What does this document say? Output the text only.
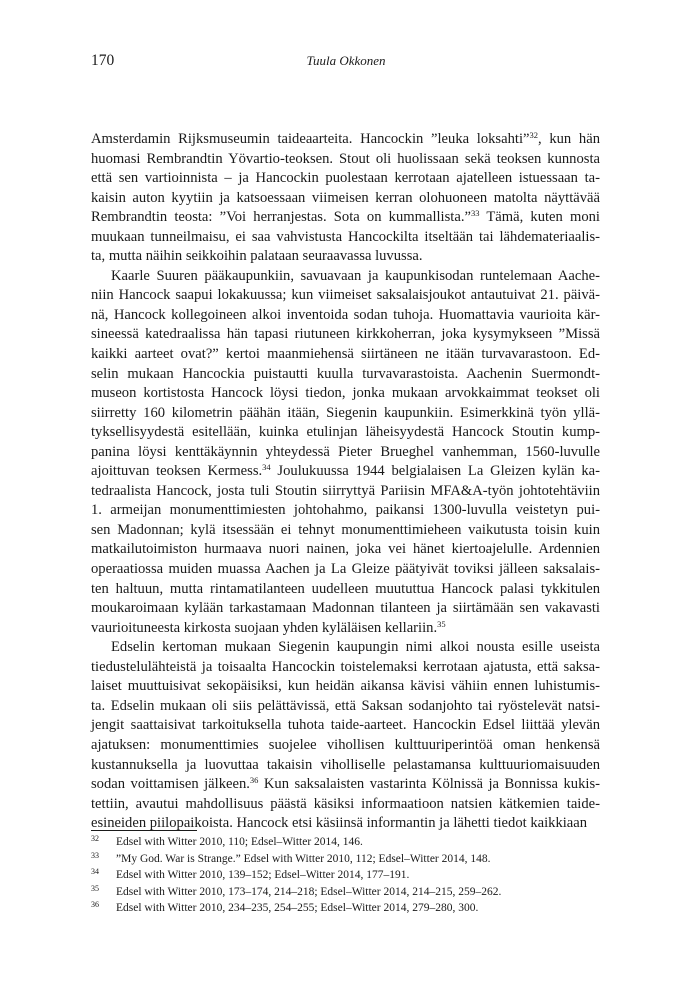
170	Tuula Okkonen
Amsterdamin Rijksmuseumin taideaarteita. Hancockin ”leuka loksahti”$^{32}$, kun hän
huomasi Rembrandtin Yövartio-teoksen. Stout oli huolissaan sekä teoksen kunnosta
että sen vartioinnista – ja Hancockin puolestaan kerrotaan ajatelleen istuessaan ta-
kaisin auton kyytiin ja katsoessaan viimeisen kerran olohuoneen matolta näyttävää
Rembrandtin teosta: ”Voi herranjestas. Sota on kummallista.”$^{33}$ Tämä, kuten moni
muukaan tunneilmaisu, ei saa vahvistusta Hancockilta itseltään tai lähdemateriaalis-
ta, mutta näihin seikkoihin palataan seuraavassa luvussa.
Kaarle Suuren pääkaupunkiin, savuavaan ja kaupunkisodan runtelemaan Aache-
niin Hancock saapui lokakuussa; kun viimeiset saksalaisjoukot antautuivat 21. päivä-
nä, Hancock kollegoineen alkoi inventoida sodan tuhoja. Huomattavia vaurioita kär-
sineessä katedraalissa hän tapasi riutuneen kirkkoherran, joka kysymykseen ”Missä
kaikki aarteet ovat?” kertoi maanmiehensä siirtäneen ne itään turvavarastoon. Ed-
selin mukaan Hancockia puistautti kuulla turvavarastoista. Aachenin Suermondt-
museon kortistosta Hancock löysi tiedon, jonka mukaan arvokkaimmat teokset oli
siirretty 160 kilometrin päähän itään, Siegenin kaupunkiin. Esimerkkinä työn yllä-
tyksellisyydestä esitellään, kuinka etulinjan läheisyydestä Hancock Stoutin kump-
panina löysi kenttäkäynnin yhteydessä Pieter Brueghel vanhemman, 1560-luvulle
ajoittuvan teoksen Kermess.$^{34}$ Joulukuussa 1944 belgialaisen La Gleizen kylän ka-
tedraalista Hancock, josta tuli Stoutin siirryttyä Pariisin MFA&A-työn johtotehtäviin
1. armeijan monumenttimiesten johtohahmo, paikansi 1300-luvulla veistetyn pui-
sen Madonnan; kylä itsessään ei tehnyt monumenttimieheen vaikutusta toisin kuin
matkailutoimiston hurmaava nuori nainen, joka vei hänet kiertoajelulle. Ardennien
operaatiossa muiden muassa Aachen ja La Gleize päätyivät toviksi jälleen saksalais-
ten haltuun, mutta rintamatilanteen uudelleen muututtua Hancock palasi tykkitulen
moukaroimaan kylään tarkastamaan Madonnan tilanteen ja siirtämään sen vakavasti
vaurioituneesta kirkosta suojaan yhden kyläläisen kellariin.$^{35}$
Edselin kertoman mukaan Siegenin kaupungin nimi alkoi nousta esille useista
tiedustelulähteistä ja toisaalta Hancockin toistelemaksi kerrotaan ajatusta, että saksa-
laiset muuttuisivat sekopäisiksi, kun heidän aikansa kävisi vähiin ennen luhistumis-
ta. Edselin mukaan oli siis pelättävissä, että Saksan sodanjohto tai ryöstelevät natsi-
jengit saattaisivat tarkoituksella tuhota taide-aarteet. Hancockin Edsel liittää ylevän
ajatuksen: monumenttimies suojelee vihollisen kulttuuriperintöä oman henkensä
kustannuksella ja luovuttaa takaisin viholliselle pelastamansa kulttuuriomaisuuden
sodan voittamisen jälkeen.$^{36}$ Kun saksalaisten vastarinta Kölnissä ja Bonnissa kukis-
tettiin, avautui mahdollisuus päästä käsiksi informaatioon natsien kätkemien taide-
esineiden piilopaikoista. Hancock etsi käsiinsä informantin ja lähetti tiedot kaikkiaan
32 Edsel with Witter 2010, 110; Edsel–Witter 2014, 146.
33 ”My God. War is Strange.” Edsel with Witter 2010, 112; Edsel–Witter 2014, 148.
34 Edsel with Witter 2010, 139–152; Edsel–Witter 2014, 177–191.
35 Edsel with Witter 2010, 173–174, 214–218; Edsel–Witter 2014, 214–215, 259–262.
36 Edsel with Witter 2010, 234–235, 254–255; Edsel–Witter 2014, 279–280, 300.
